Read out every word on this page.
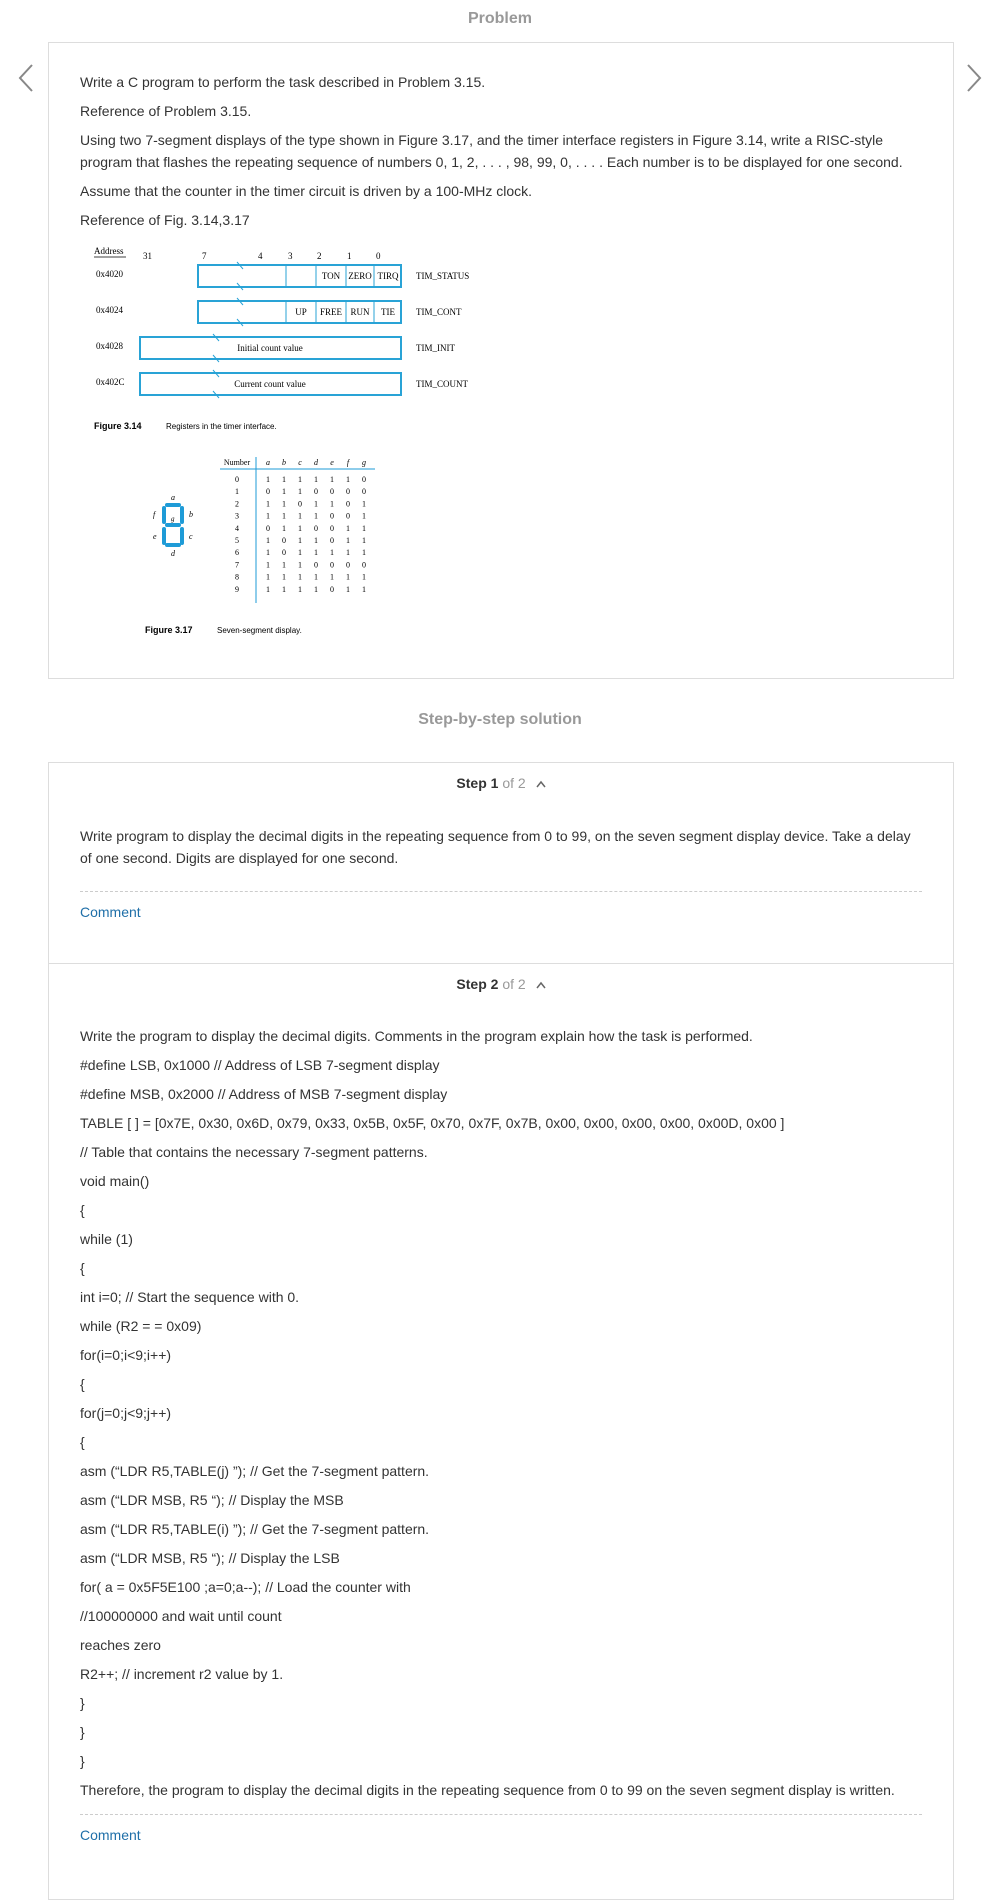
Problem
Write a C program to perform the task described in Problem 3.15.
Reference of Problem 3.15.
Using two 7-segment displays of the type shown in Figure 3.17, and the timer interface registers in Figure 3.14, write a RISC-style program that flashes the repeating sequence of numbers 0, 1, 2, . . . , 98, 99, 0, . . . . Each number is to be displayed for one second.
Assume that the counter in the timer circuit is driven by a 100-MHz clock.
Reference of Fig. 3.14,3.17
Address 31	7	4	3	2	1	0
0x4020	TON ZERO TIRQ TIM_STATUS
0x4024	UP FREE RUN TIE TIM_CONT
0x4028	Initial count value	TIM_INIT
0x402C	Current count value	TIM_COUNT
Figure 3.14	Registers in the timer interface.
a
b
c
d
e
f g
Number a b c d e f g
0	1 1 1 1 1 1 0
1	0 1 1 0 0 0 0
2	1 1 0 1 1 0 1
3	1 1 1 1 0 0 1
4	0 1 1 0 0 1 1
5	1 0 1 1 0 1 1
6	1 0 1 1 1 1 1
7	1 1 1 0 0 0 0
8	1 1 1 1 1 1 1
9	1 1 1 1 0 1 1
Figure 3.17	Seven-segment display.
Step-by-step solution
Step 1 of 2
Write program to display the decimal digits in the repeating sequence from 0 to 99, on the seven segment display device. Take a delay of one second. Digits are displayed for one second.
Comment
Step 2 of 2
Write the program to display the decimal digits. Comments in the program explain how the task is performed.
#define LSB, 0x1000 // Address of LSB 7-segment display
#define MSB, 0x2000 // Address of MSB 7-segment display
TABLE [ ] = [0x7E, 0x30, 0x6D, 0x79, 0x33, 0x5B, 0x5F, 0x70, 0x7F, 0x7B, 0x00, 0x00, 0x00, 0x00, 0x00D, 0x00 ]
// Table that contains the necessary 7-segment patterns.
void main()
{
while (1)
{
int i=0; // Start the sequence with 0.
while (R2 = = 0x09)
for(i=0;i<9;i++)
{
for(j=0;j<9;j++)
{
asm (“LDR R5,TABLE(j) ”); // Get the 7-segment pattern.
asm (“LDR MSB, R5 “); // Display the MSB
asm (“LDR R5,TABLE(i) ”); // Get the 7-segment pattern.
asm (“LDR MSB, R5 “); // Display the LSB
for( a = 0x5F5E100 ;a=0;a--); // Load the counter with
//100000000 and wait until count
reaches zero
R2++; // increment r2 value by 1.
}
}
}
Therefore, the program to display the decimal digits in the repeating sequence from 0 to 99 on the seven segment display is written.
Comment
